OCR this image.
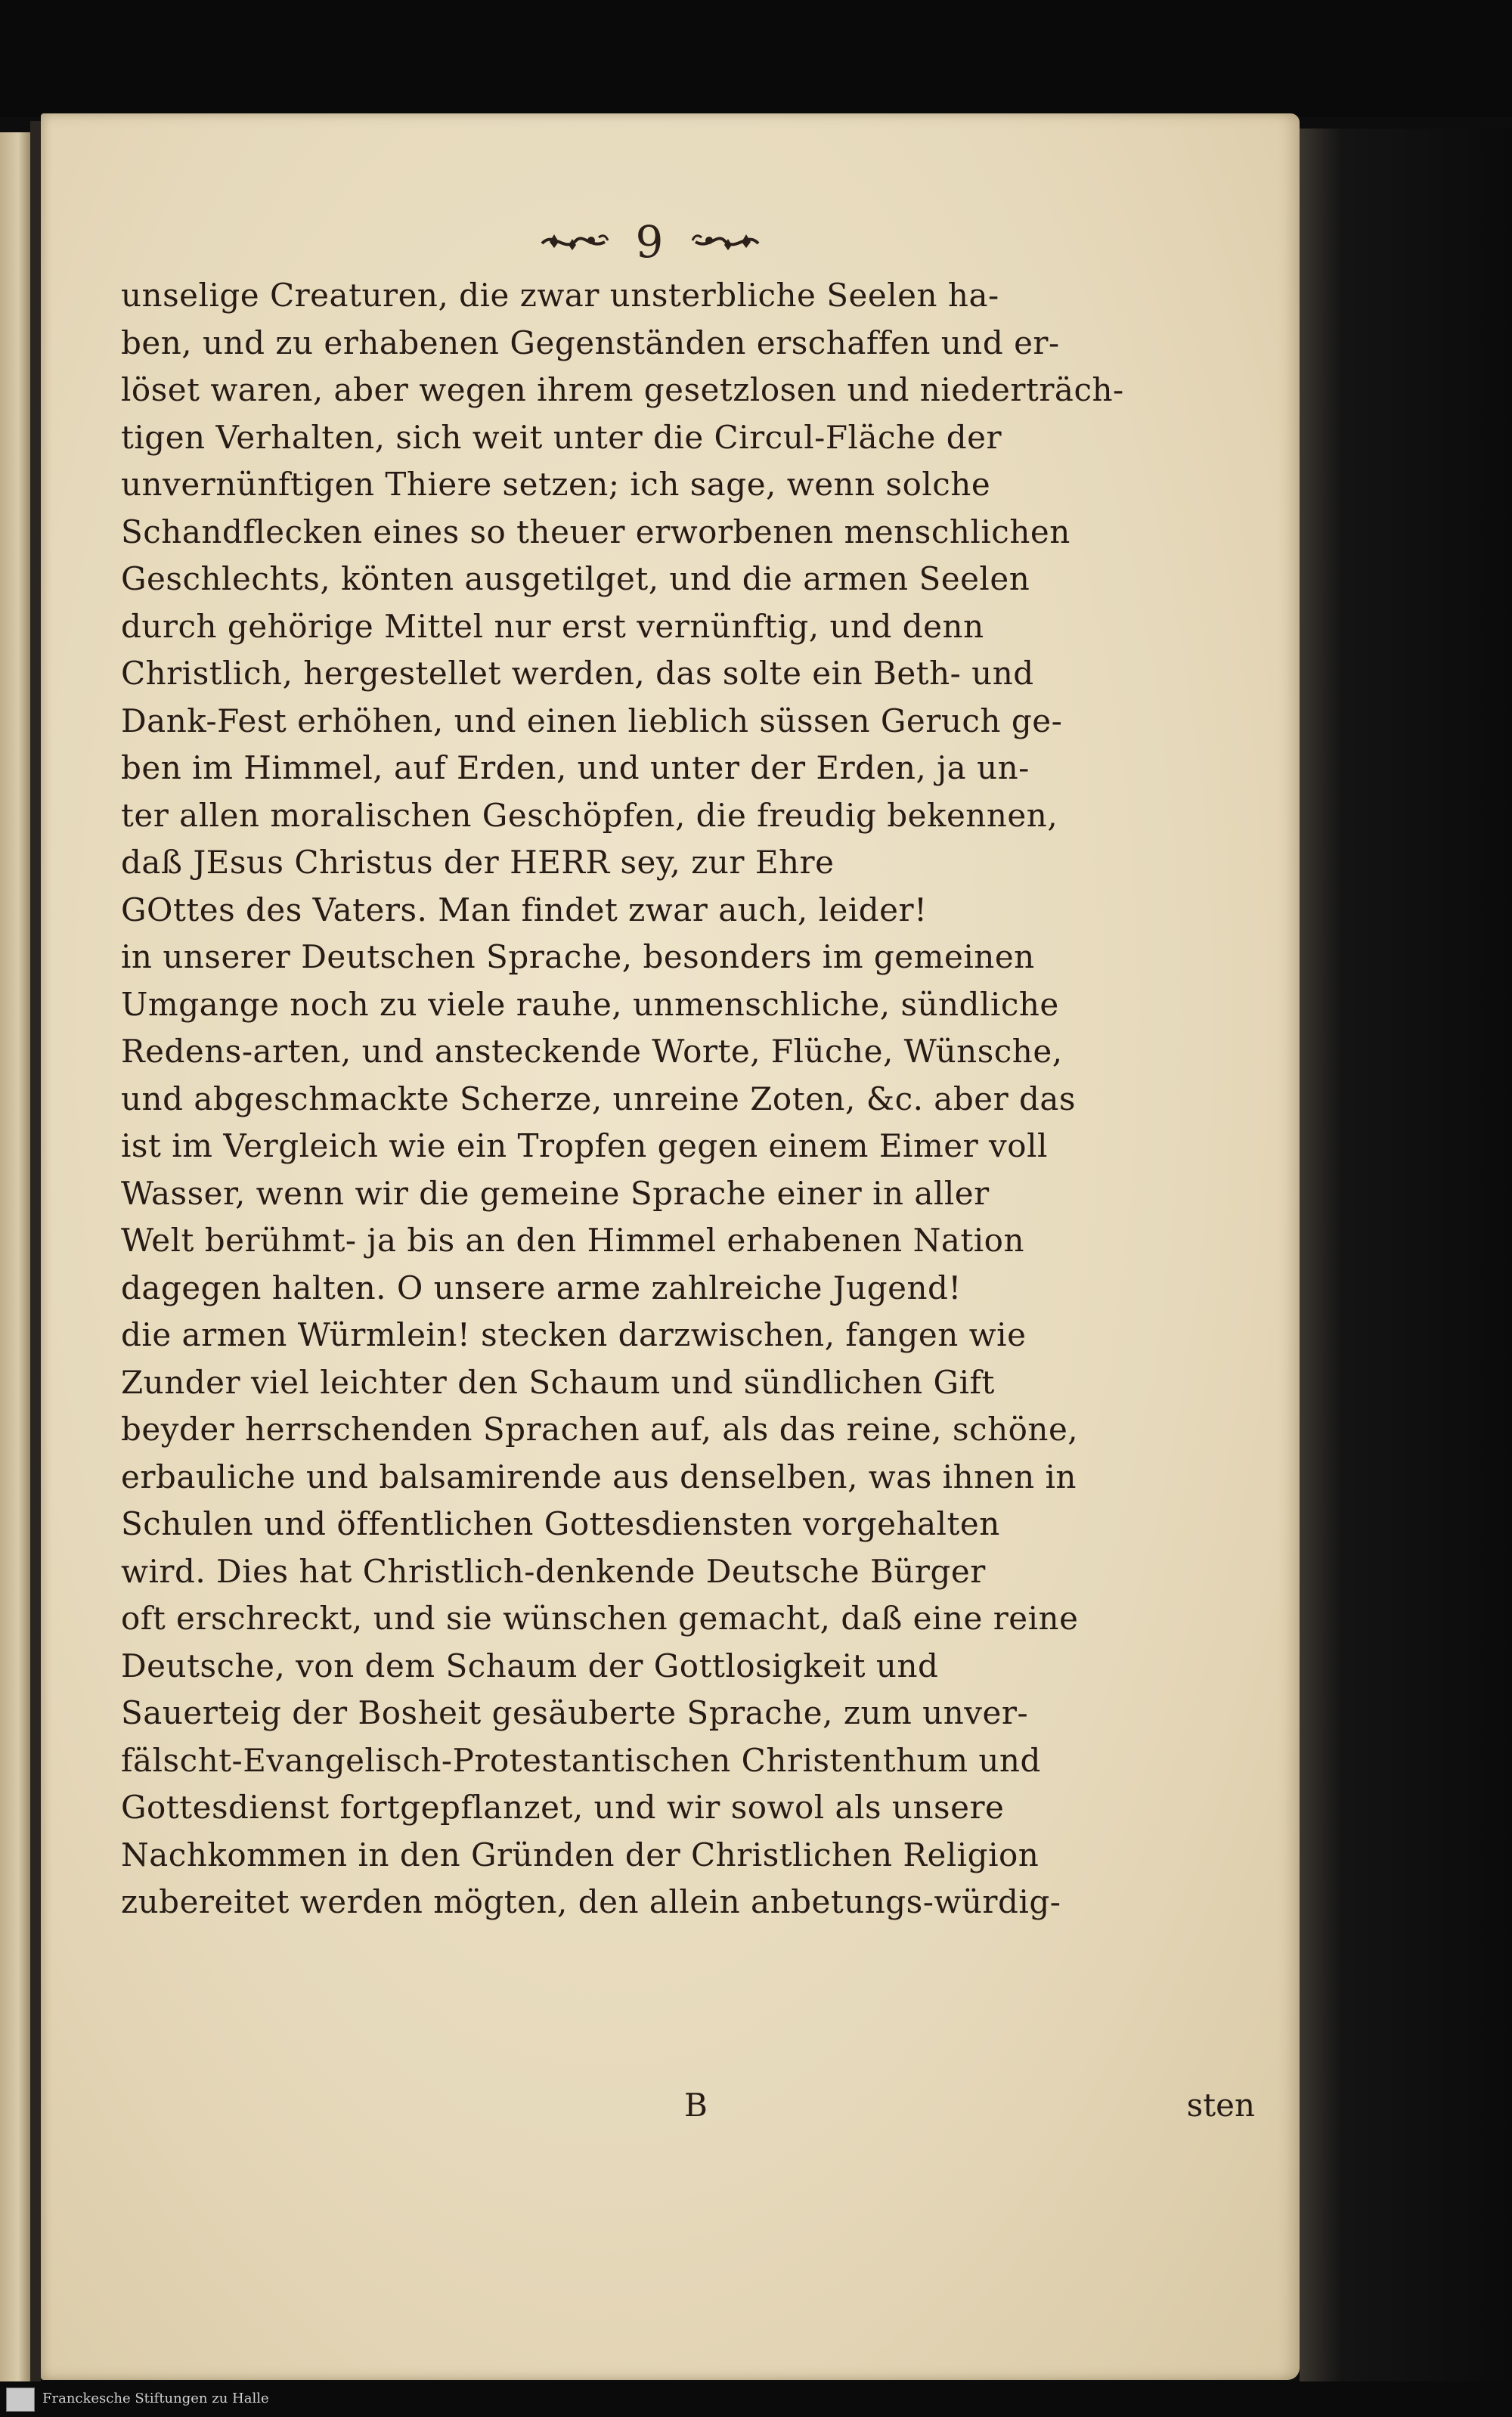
9
unselige Creaturen, die zwar unsterbliche Seelen ha-
ben, und zu erhabenen Gegenständen erschaffen und er-
löset waren, aber wegen ihrem gesetzlosen und niederträch-
tigen Verhalten, sich weit unter die Circul-Fläche der
unvernünftigen Thiere setzen; ich sage, wenn solche
Schandflecken eines so theuer erworbenen menschlichen
Geschlechts, könten ausgetilget, und die armen Seelen
durch gehörige Mittel nur erst vernünftig, und denn
Christlich, hergestellet werden, das solte ein Beth- und
Dank-Fest erhöhen, und einen lieblich süssen Geruch ge-
ben im Himmel, auf Erden, und unter der Erden, ja un-
ter allen moralischen Geschöpfen, die freudig bekennen,
daß JEsus Christus der HERR sey, zur Ehre
GOttes des Vaters. Man findet zwar auch, leider!
in unserer Deutschen Sprache, besonders im gemeinen
Umgange noch zu viele rauhe, unmenschliche, sündliche
Redens-arten, und ansteckende Worte, Flüche, Wünsche,
und abgeschmackte Scherze, unreine Zoten, &c. aber das
ist im Vergleich wie ein Tropfen gegen einem Eimer voll
Wasser, wenn wir die gemeine Sprache einer in aller
Welt berühmt- ja bis an den Himmel erhabenen Nation
dagegen halten. O unsere arme zahlreiche Jugend!
die armen Würmlein! stecken darzwischen, fangen wie
Zunder viel leichter den Schaum und sündlichen Gift
beyder herrschenden Sprachen auf, als das reine, schöne,
erbauliche und balsamirende aus denselben, was ihnen in
Schulen und öffentlichen Gottesdiensten vorgehalten
wird. Dies hat Christlich-denkende Deutsche Bürger
oft erschreckt, und sie wünschen gemacht, daß eine reine
Deutsche, von dem Schaum der Gottlosigkeit und
Sauerteig der Bosheit gesäuberte Sprache, zum unver-
fälscht-Evangelisch-Protestantischen Christenthum und
Gottesdienst fortgepflanzet, und wir sowol als unsere
Nachkommen in den Gründen der Christlichen Religion
zubereitet werden mögten, den allein anbetungs-würdig-
B	sten
Franckesche Stiftungen zu Halle
